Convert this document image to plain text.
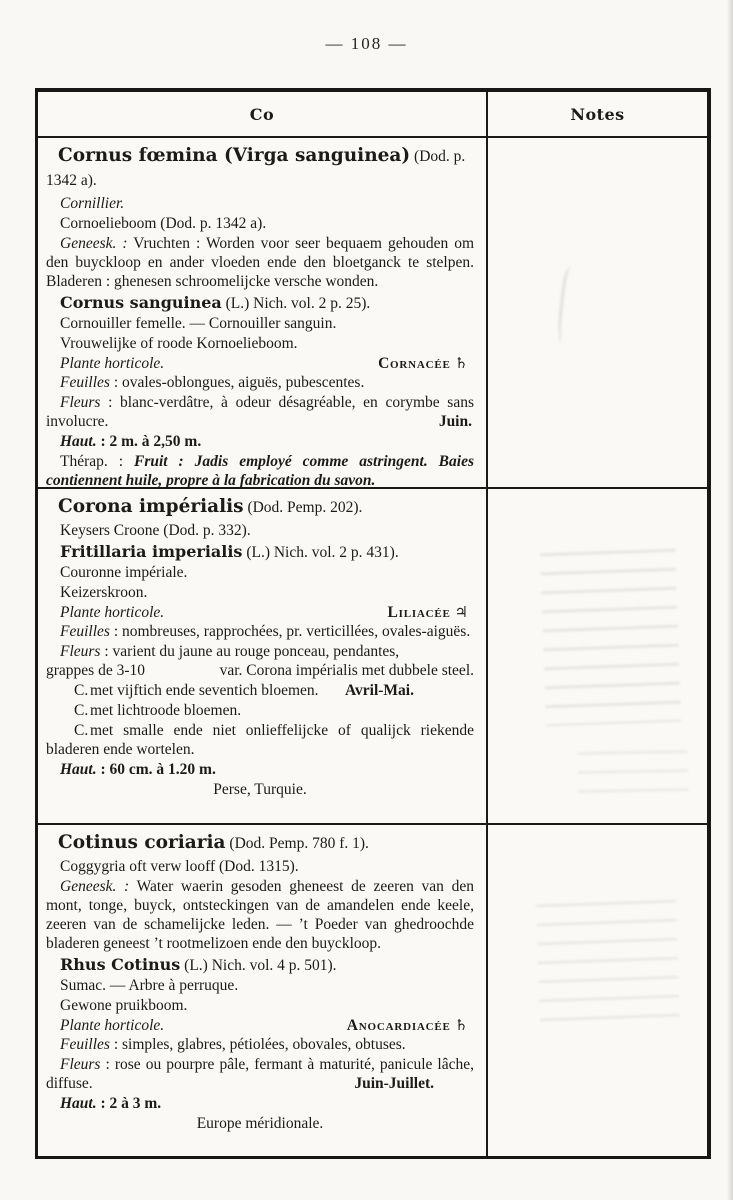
— 108 —
Co	Notes

Cornus fœmina (Virga sanguinea) (Dod. p. 1342 a).

Cornillier.

Cornoelieboom (Dod. p. 1342 a).

Geneesk. : Vruchten : Worden voor seer bequaem gehouden om den buyckloop en ander vloeden ende den bloetganck te stelpen. Bladeren : ghenesen schroomelijcke versche wonden.

Cornus sanguinea (L.) Nich. vol. 2 p. 25).

Cornouiller femelle. — Cornouiller sanguin.

Vrouwelijke of roode Kornoelieboom.

Plante horticole.	Cornacée ♄

Feuilles : ovales-oblongues, aiguës, pubescentes.

Fleurs : blanc-verdâtre, à odeur désagréable, en corymbe sans involucre.	Juin.

Haut. : 2 m. à 2,50 m.

Thérap. : Fruit : Jadis employé comme astringent. Baies contiennent huile, propre à la fabrication du savon.

Corona impérialis (Dod. Pemp. 202).

Keysers Croone (Dod. p. 332).

Fritillaria imperialis (L.) Nich. vol. 2 p. 431).

Couronne impériale.

Keizerskroon.

Plante horticole.	Liliacée ♃

Feuilles : nombreuses, rapprochées, pr. verticillées, ovales-aiguës.

Fleurs : varient du jaune au rouge ponceau, pendantes,

grappes de 3-10	var. Corona impérialis met dubbele steel.

C. met vijftich ende seventich bloemen. Avril-Mai.

C. met lichtroode bloemen.

C. met smalle ende niet onlieffelijcke of qualijck riekende bladeren ende wortelen.

Haut. : 60 cm. à 1.20 m.

Perse, Turquie.

Cotinus coriaria (Dod. Pemp. 780 f. 1).

Coggygria oft verw looff (Dod. 1315).

Geneesk. : Water waerin gesoden gheneest de zeeren van den mont, tonge, buyck, ontsteckingen van de amandelen ende keele, zeeren van de schamelijcke leden. — ’t Poeder van ghedroochde bladeren geneest ’t rootmelizoen ende den buyckloop.

Rhus Cotinus (L.) Nich. vol. 4 p. 501).

Sumac. — Arbre à perruque.

Gewone pruikboom.

Plante horticole.	Anocardiacée ♄

Feuilles : simples, glabres, pétiolées, obovales, obtuses.

Fleurs : rose ou pourpre pâle, fermant à maturité, panicule lâche, diffuse.	Juin-Juillet.

Haut. : 2 à 3 m.

Europe méridionale.
